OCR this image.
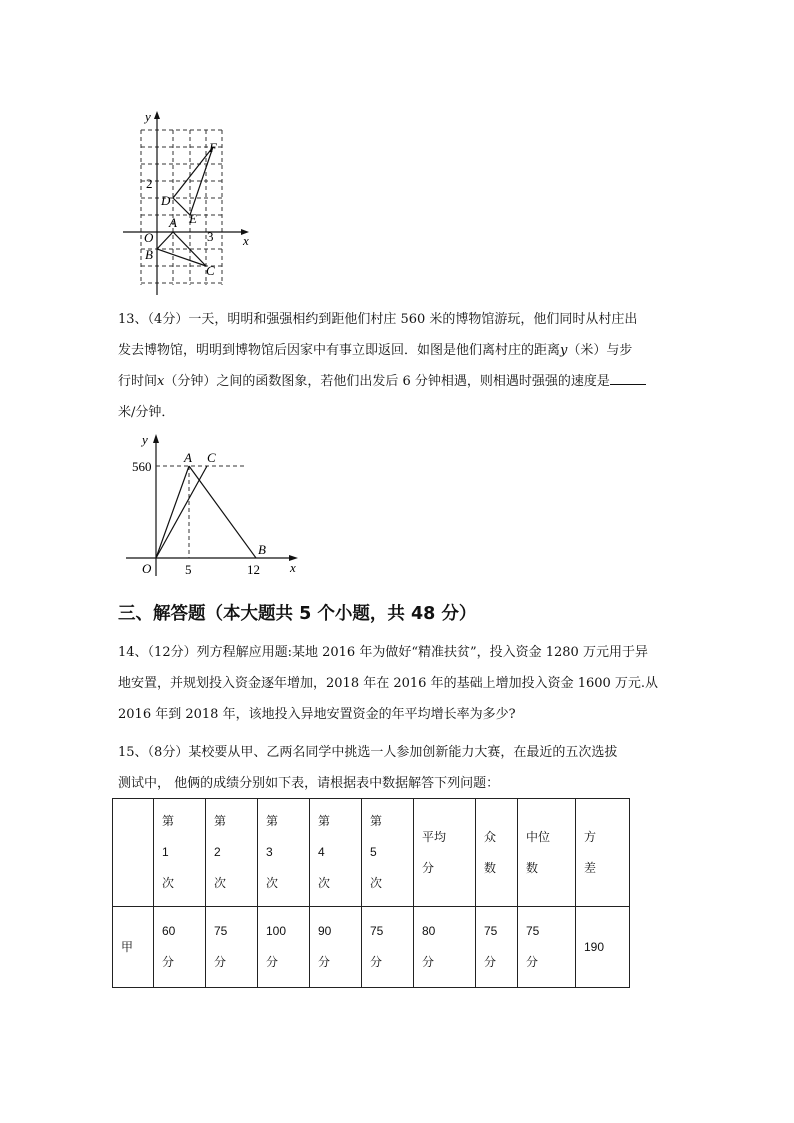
y
x
2
3
O
A
B
C
D
E
F

13、（4分）一天，明明和强强相约到距他们村庄 560 米的博物馆游玩，他们同时从村庄出

发去博物馆，明明到博物馆后因家中有事立即返回．如图是他们离村庄的距离y（米）与步

行时间x（分钟）之间的函数图象，若他们出发后 6 分钟相遇，则相遇时强强的速度是

米/分钟．

y
x
560
5	12
O
A C
B
三、解答题（本大题共 5 个小题，共 48 分）

14、（12分）列方程解应用题:某地 2016 年为做好“精准扶贫”，投入资金 1280 万元用于异

地安置，并规划投入资金逐年增加，2018 年在 2016 年的基础上增加投入资金 1600 万元.从

2016 年到 2018 年，该地投入异地安置资金的年平均增长率为多少?

15、（8分）某校要从甲、乙两名同学中挑选一人参加创新能力大赛，在最近的五次选拔

测试中， 他俩的成绩分别如下表，请根据表中数据解答下列问题：

	第
1
次	第
2
次	第
3
次	第
4
次	第
5
次	平均
分	众
数	中位
数	方
差

甲	60
分	75
分	100
分	90
分	75
分	80
分	75
分	75
分	190
